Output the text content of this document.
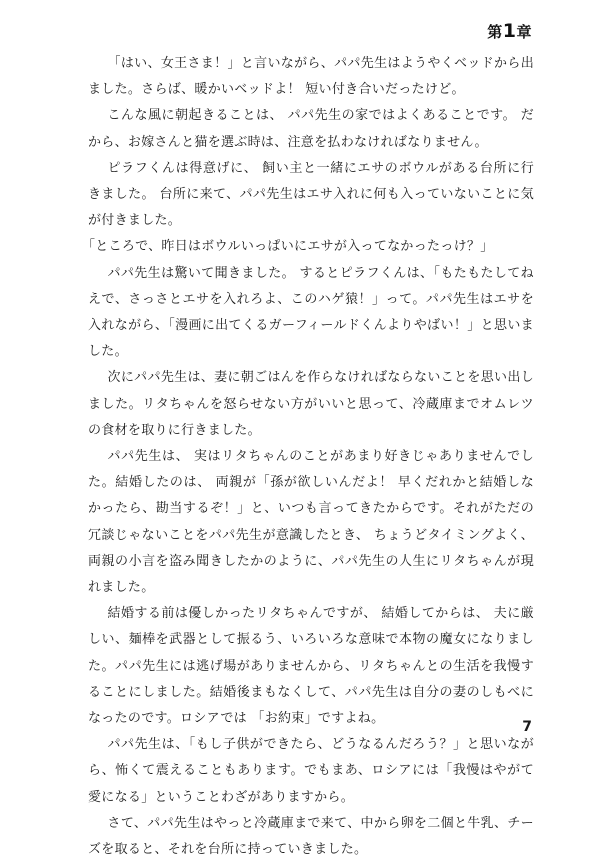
第1章

「はい、女王さま！」と言いながら、パパ先生はようやくベッドから出ました。さらば、暖かいベッドよ！ 短い付き合いだったけど。

こんな風に朝起きることは、 パパ先生の家ではよくあることです。 だから、お嫁さんと猫を選ぶ時は、注意を払わなければなりません。

ピラフくんは得意げに、 飼い主と一緒にエサのボウルがある台所に行きました。 台所に来て、パパ先生はエサ入れに何も入っていないことに気が付きました。

「ところで、昨日はボウルいっぱいにエサが入ってなかったっけ？」

パパ先生は驚いて聞きました。 するとピラフくんは、「もたもたしてねえで、さっさとエサを入れろよ、このハゲ猿！」って。パパ先生はエサを入れながら、「漫画に出てくるガーフィールドくんよりやばい！」と思いました。

次にパパ先生は、妻に朝ごはんを作らなければならないことを思い出しました。リタちゃんを怒らせない方がいいと思って、冷蔵庫までオムレツの食材を取りに行きました。

パパ先生は、 実はリタちゃんのことがあまり好きじゃありませんでした。結婚したのは、 両親が「孫が欲しいんだよ！ 早くだれかと結婚しなかったら、勘当するぞ！」と、いつも言ってきたからです。それがただの冗談じゃないことをパパ先生が意識したとき、 ちょうどタイミングよく、 両親の小言を盗み聞きしたかのように、パパ先生の人生にリタちゃんが現れました。

結婚する前は優しかったリタちゃんですが、 結婚してからは、 夫に厳しい、麺棒を武器として振るう、いろいろな意味で本物の魔女になりました。パパ先生には逃げ場がありませんから、リタちゃんとの生活を我慢することにしました。結婚後まもなくして、パパ先生は自分の妻のしもべになったのです。ロシアでは 「お約束」ですよね。

パパ先生は、「もし子供ができたら、どうなるんだろう？」と思いながら、怖くて震えることもあります。でもまあ、ロシアには「我慢はやがて愛になる」ということわざがありますから。

さて、パパ先生はやっと冷蔵庫まで来て、中から卵を二個と牛乳、チーズを取ると、それを台所に持っていきました。

7
